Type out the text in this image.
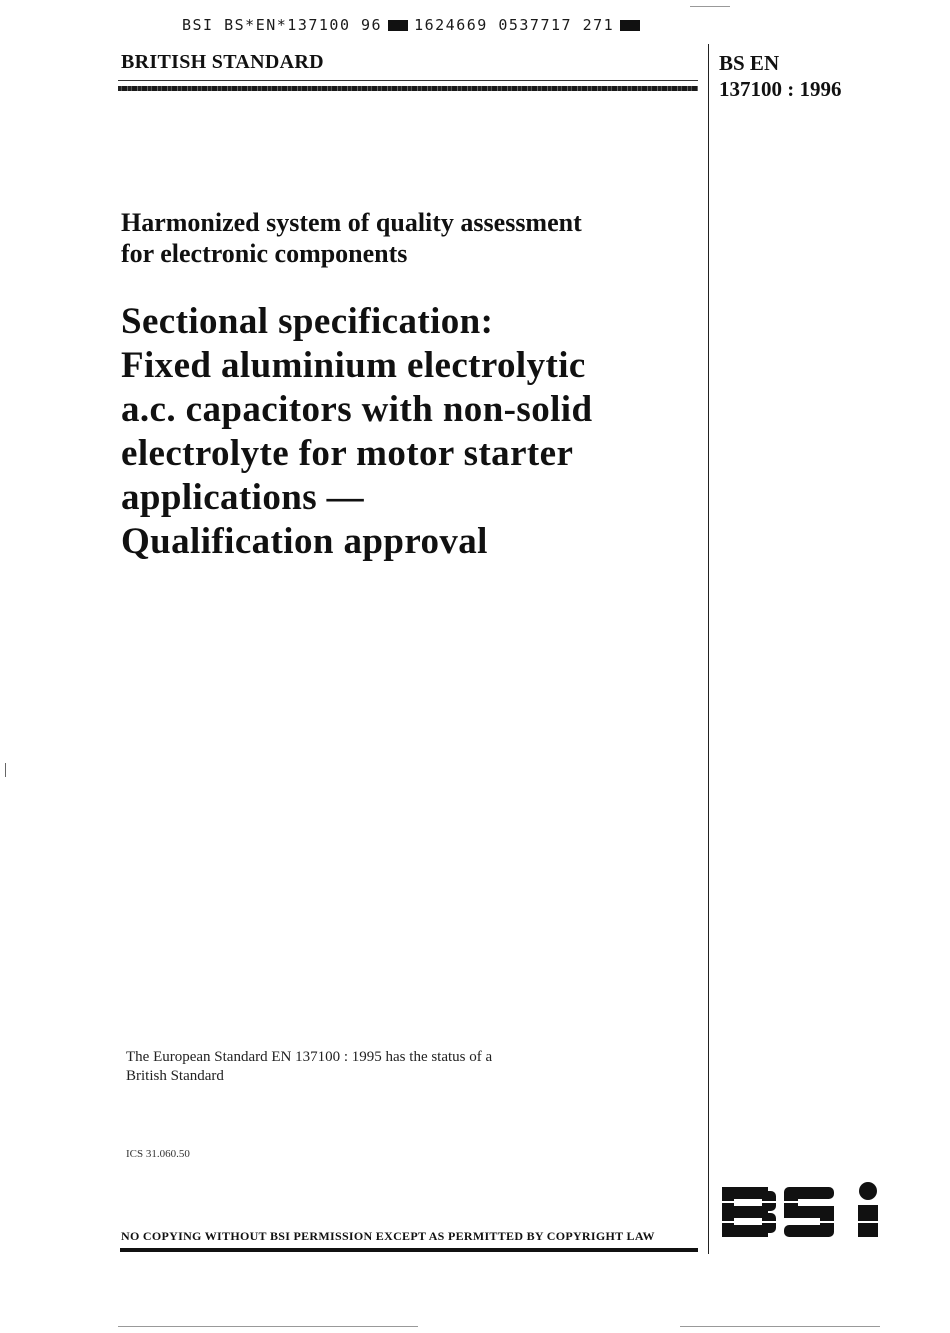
BSI BS*EN*137100 96 1624669 0537717 271
BRITISH STANDARD	BS EN
137100 : 1996
Harmonized system of quality assessment
for electronic components
Sectional specification:
Fixed aluminium electrolytic
a.c. capacitors with non-solid
electrolyte for motor starter
applications —
Qualification approval
The European Standard EN 137100 : 1995 has the status of a
British Standard
ICS 31.060.50
NO COPYING WITHOUT BSI PERMISSION EXCEPT AS PERMITTED BY COPYRIGHT LAW
